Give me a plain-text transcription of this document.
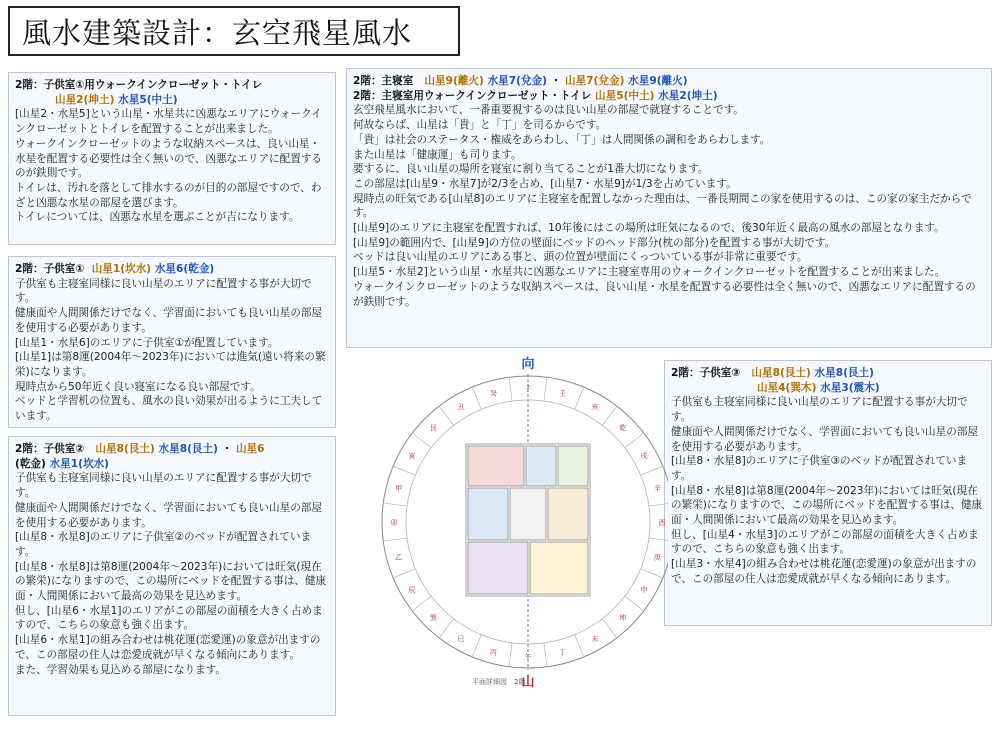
風水建築設計：玄空飛星風水
2階：子供室①用ウォークインクローゼット・トイレ
山星2(坤土) 水星5(中土)

[山星2・水星5]という山星・水星共に凶悪なエリアにウォークインクローゼットとトイレを配置することが出来ました。

ウォークインクローゼットのような収納スペースは、良い山星・水星を配置する必要性は全く無いので、凶悪なエリアに配置するのが鉄則です。

トイレは、汚れを落として排水するのが目的の部屋ですので、わざと凶悪な水星の部屋を選びます。

トイレについては、凶悪な水星を選ぶことが吉になります。

2階：子供室① 山星1(坎水) 水星6(乾金)

子供室も主寝室同様に良い山星のエリアに配置する事が大切です。

健康面や人間関係だけでなく、学習面においても良い山星の部屋を使用する必要があります。

[山星1・水星6]のエリアに子供室①が配置しています。

[山星1]は第8運(2004年～2023年)においては進気(遠い将来の繁栄)になります。

現時点から50年近く良い寝室になる良い部屋です。

ベッドと学習机の位置も、風水の良い効果が出るように工夫しています。

2階：子供室② 山星8(艮土) 水星8(艮土) ・ 山星6
(乾金) 水星1(坎水)

子供室も主寝室同様に良い山星のエリアに配置する事が大切です。

健康面や人間関係だけでなく、学習面においても良い山星の部屋を使用する必要があります。

[山星8・水星8]のエリアに子供室②のベッドが配置されています。

[山星8・水星8]は第8運(2004年～2023年)においては旺気(現在の繁栄)になりますので、この場所にベッドを配置する事は、健康面・人間関係において最高の効果を見込めます。

但し、[山星6・水星1]のエリアがこの部屋の面積を大きく占めますので、こちらの象意も強く出ます。

[山星6・水星1]の組み合わせは桃花運(恋愛運)の象意が出ますので、この部屋の住人は恋愛成就が早くなる傾向にあります。

また、学習効果も見込める部屋になります。

2階：主寝室 山星9(離火) 水星7(兌金) ・ 山星7(兌金) 水星9(離火)
2階：主寝室用ウォークインクローゼット・トイレ 山星5(中土) 水星2(坤土)

玄空飛星風水において、一番重要視するのは良い山星の部屋で就寝することです。

何故ならば、山星は「貴」と「丁」を司るからです。

「貴」は社会のステータス・権威をあらわし、「丁」は人間関係の調和をあらわします。

また山星は「健康運」も司ります。

要するに、良い山星の場所を寝室に割り当てることが1番大切になります。

この部屋は[山星9・水星7]が2/3を占め、[山星7・水星9]が1/3を占めています。

現時点の旺気である[山星8]のエリアに主寝室を配置しなかった理由は、一番長期間この家を使用するのは、この家の家主だからです。

[山星9]のエリアに主寝室を配置すれば、10年後にはこの場所は旺気になるので、後30年近く最高の風水の部屋となります。

[山星9]の範囲内で、[山星9]の方位の壁面にベッドのヘッド部分(枕の部分)を配置する事が大切です。

ベッドは良い山星のエリアにある事と、頭の位置が壁面にくっついている事が非常に重要です。

[山星5・水星2]という山星・水星共に凶悪なエリアに主寝室専用のウォークインクローゼットを配置することが出来ました。

ウォークインクローゼットのような収納スペースは、良い山星・水星を配置する必要性は全く無いので、凶悪なエリアに配置するのが鉄則です。

2階：子供室③ 山星8(艮土) 水星8(艮土)
山星4(巽木) 水星3(震木)

子供室も主寝室同様に良い山星のエリアに配置する事が大切です。

健康面や人間関係だけでなく、学習面においても良い山星の部屋を使用する必要があります。

[山星8・水星8]のエリアに子供室③のベッドが配置されています。

[山星8・水星8]は第8運(2004年～2023年)においては旺気(現在の繁栄)になりますので、この場所にベッドを配置する事は、健康面・人間関係において最高の効果を見込めます。

但し、[山星4・水星3]のエリアがこの部屋の面積を大きく占めますので、こちらの象意も強く出ます。

[山星3・水星4]の組み合わせは桃花運(恋愛運)の象意が出ますので、この部屋の住人は恋愛成就が早くなる傾向にあります。

向
午
丁
未
坤
申
庚
酉
辛
戌
乾
亥
壬
子
癸
丑
艮
寅
甲
卯
乙
辰
巽
巳
丙
平面詳細図　2階
山
